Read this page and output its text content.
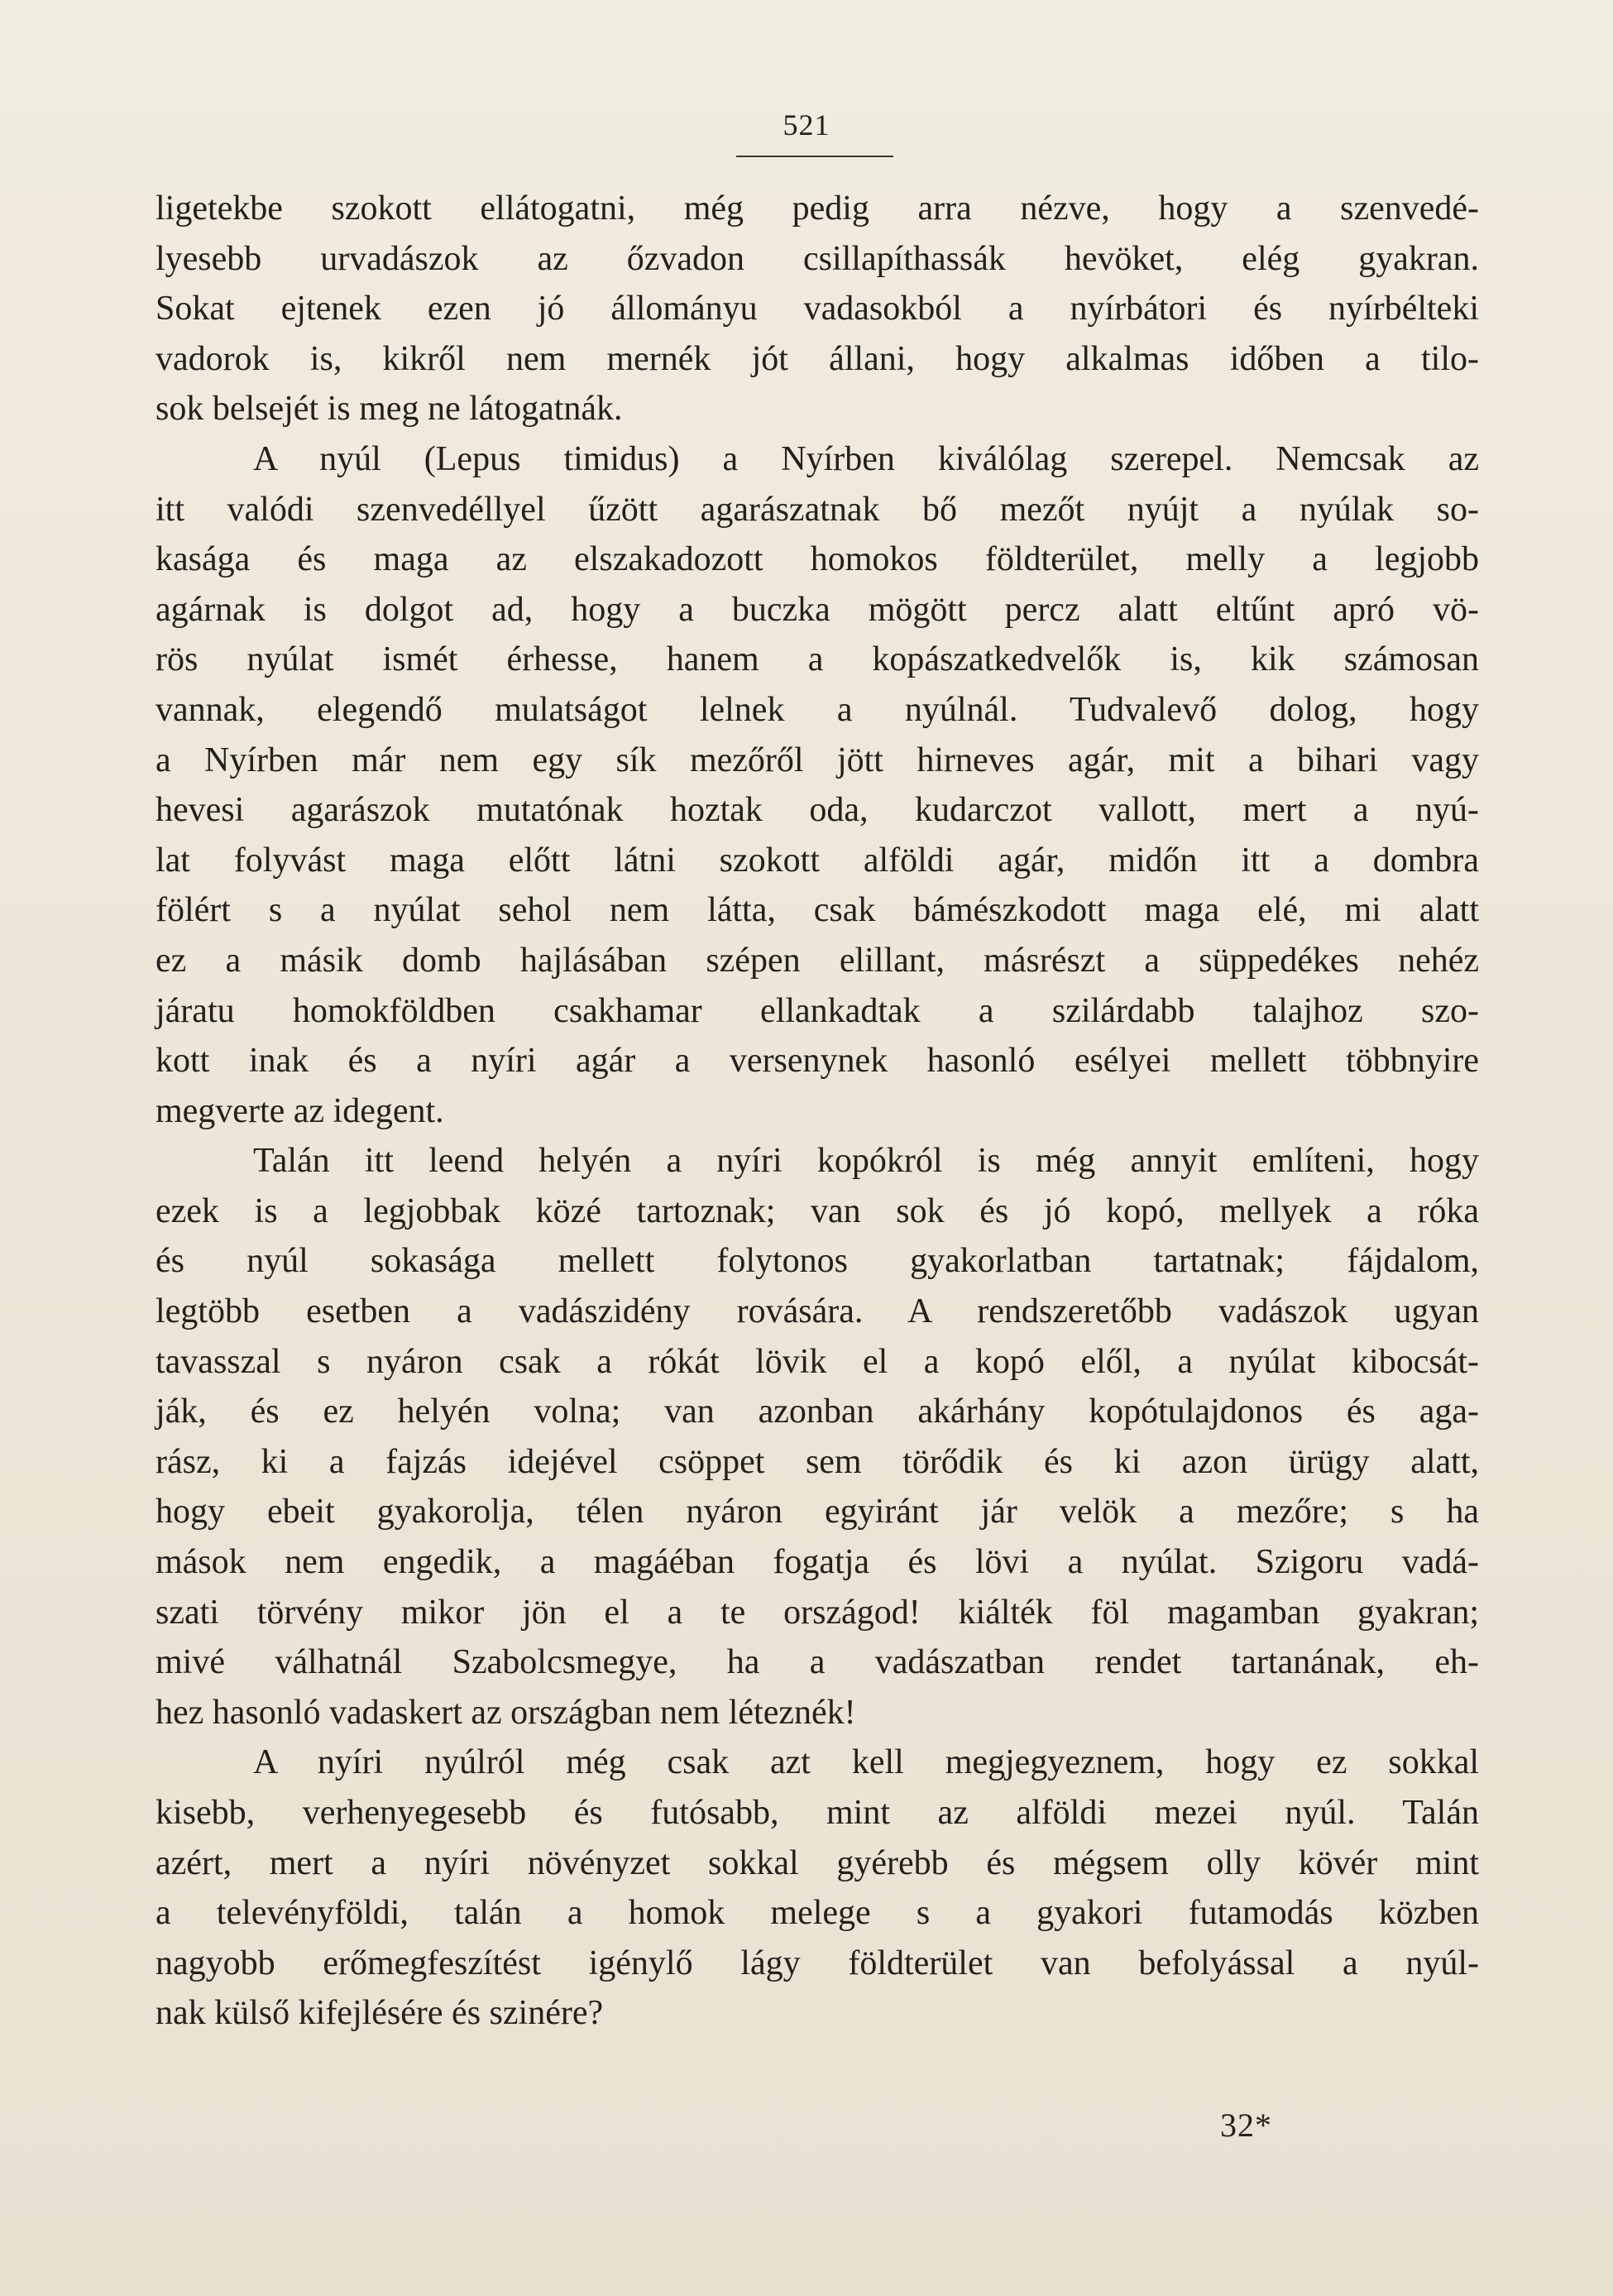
521
ligetekbe szokott ellátogatni, még pedig arra nézve, hogy a szenvedé-
lyesebb urvadászok az őzvadon csillapíthassák hevöket, elég gyakran.
Sokat ejtenek ezen jó állományu vadasokból a nyírbátori és nyírbélteki
vadorok is, kikről nem mernék jót állani, hogy alkalmas időben a tilo-
sok belsejét is meg ne látogatnák.
A nyúl (Lepus timidus) a Nyírben kiválólag szerepel. Nemcsak az
itt valódi szenvedéllyel űzött agarászatnak bő mezőt nyújt a nyúlak so-
kasága és maga az elszakadozott homokos földterület, melly a legjobb
agárnak is dolgot ad, hogy a buczka mögött percz alatt eltűnt apró vö-
rös nyúlat ismét érhesse, hanem a kopászatkedvelők is, kik számosan
vannak, elegendő mulatságot lelnek a nyúlnál. Tudvalevő dolog, hogy
a Nyírben már nem egy sík mezőről jött hirneves agár, mit a bihari vagy
hevesi agarászok mutatónak hoztak oda, kudarczot vallott, mert a nyú-
lat folyvást maga előtt látni szokott alföldi agár, midőn itt a dombra
fölért s a nyúlat sehol nem látta, csak bámészkodott maga elé, mi alatt
ez a másik domb hajlásában szépen elillant, másrészt a süppedékes nehéz
járatu homokföldben csakhamar ellankadtak a szilárdabb talajhoz szo-
kott inak és a nyíri agár a versenynek hasonló esélyei mellett többnyire
megverte az idegent.
Talán itt leend helyén a nyíri kopókról is még annyit említeni, hogy
ezek is a legjobbak közé tartoznak; van sok és jó kopó, mellyek a róka
és nyúl sokasága mellett folytonos gyakorlatban tartatnak; fájdalom,
legtöbb esetben a vadászidény rovására. A rendszeretőbb vadászok ugyan
tavasszal s nyáron csak a rókát lövik el a kopó elől, a nyúlat kibocsát-
ják, és ez helyén volna; van azonban akárhány kopótulajdonos és aga-
rász, ki a fajzás idejével csöppet sem törődik és ki azon ürügy alatt,
hogy ebeit gyakorolja, télen nyáron egyiránt jár velök a mezőre; s ha
mások nem engedik, a magáéban fogatja és lövi a nyúlat. Szigoru vadá-
szati törvény mikor jön el a te országod! kiálték föl magamban gyakran;
mivé válhatnál Szabolcsmegye, ha a vadászatban rendet tartanának, eh-
hez hasonló vadaskert az országban nem léteznék!
A nyíri nyúlról még csak azt kell megjegyeznem, hogy ez sokkal
kisebb, verhenyegesebb és futósabb, mint az alföldi mezei nyúl. Talán
azért, mert a nyíri növényzet sokkal gyérebb és mégsem olly kövér mint
a televényföldi, talán a homok melege s a gyakori futamodás közben
nagyobb erőmegfeszítést igénylő lágy földterület van befolyással a nyúl-
nak külső kifejlésére és szinére?
32*
